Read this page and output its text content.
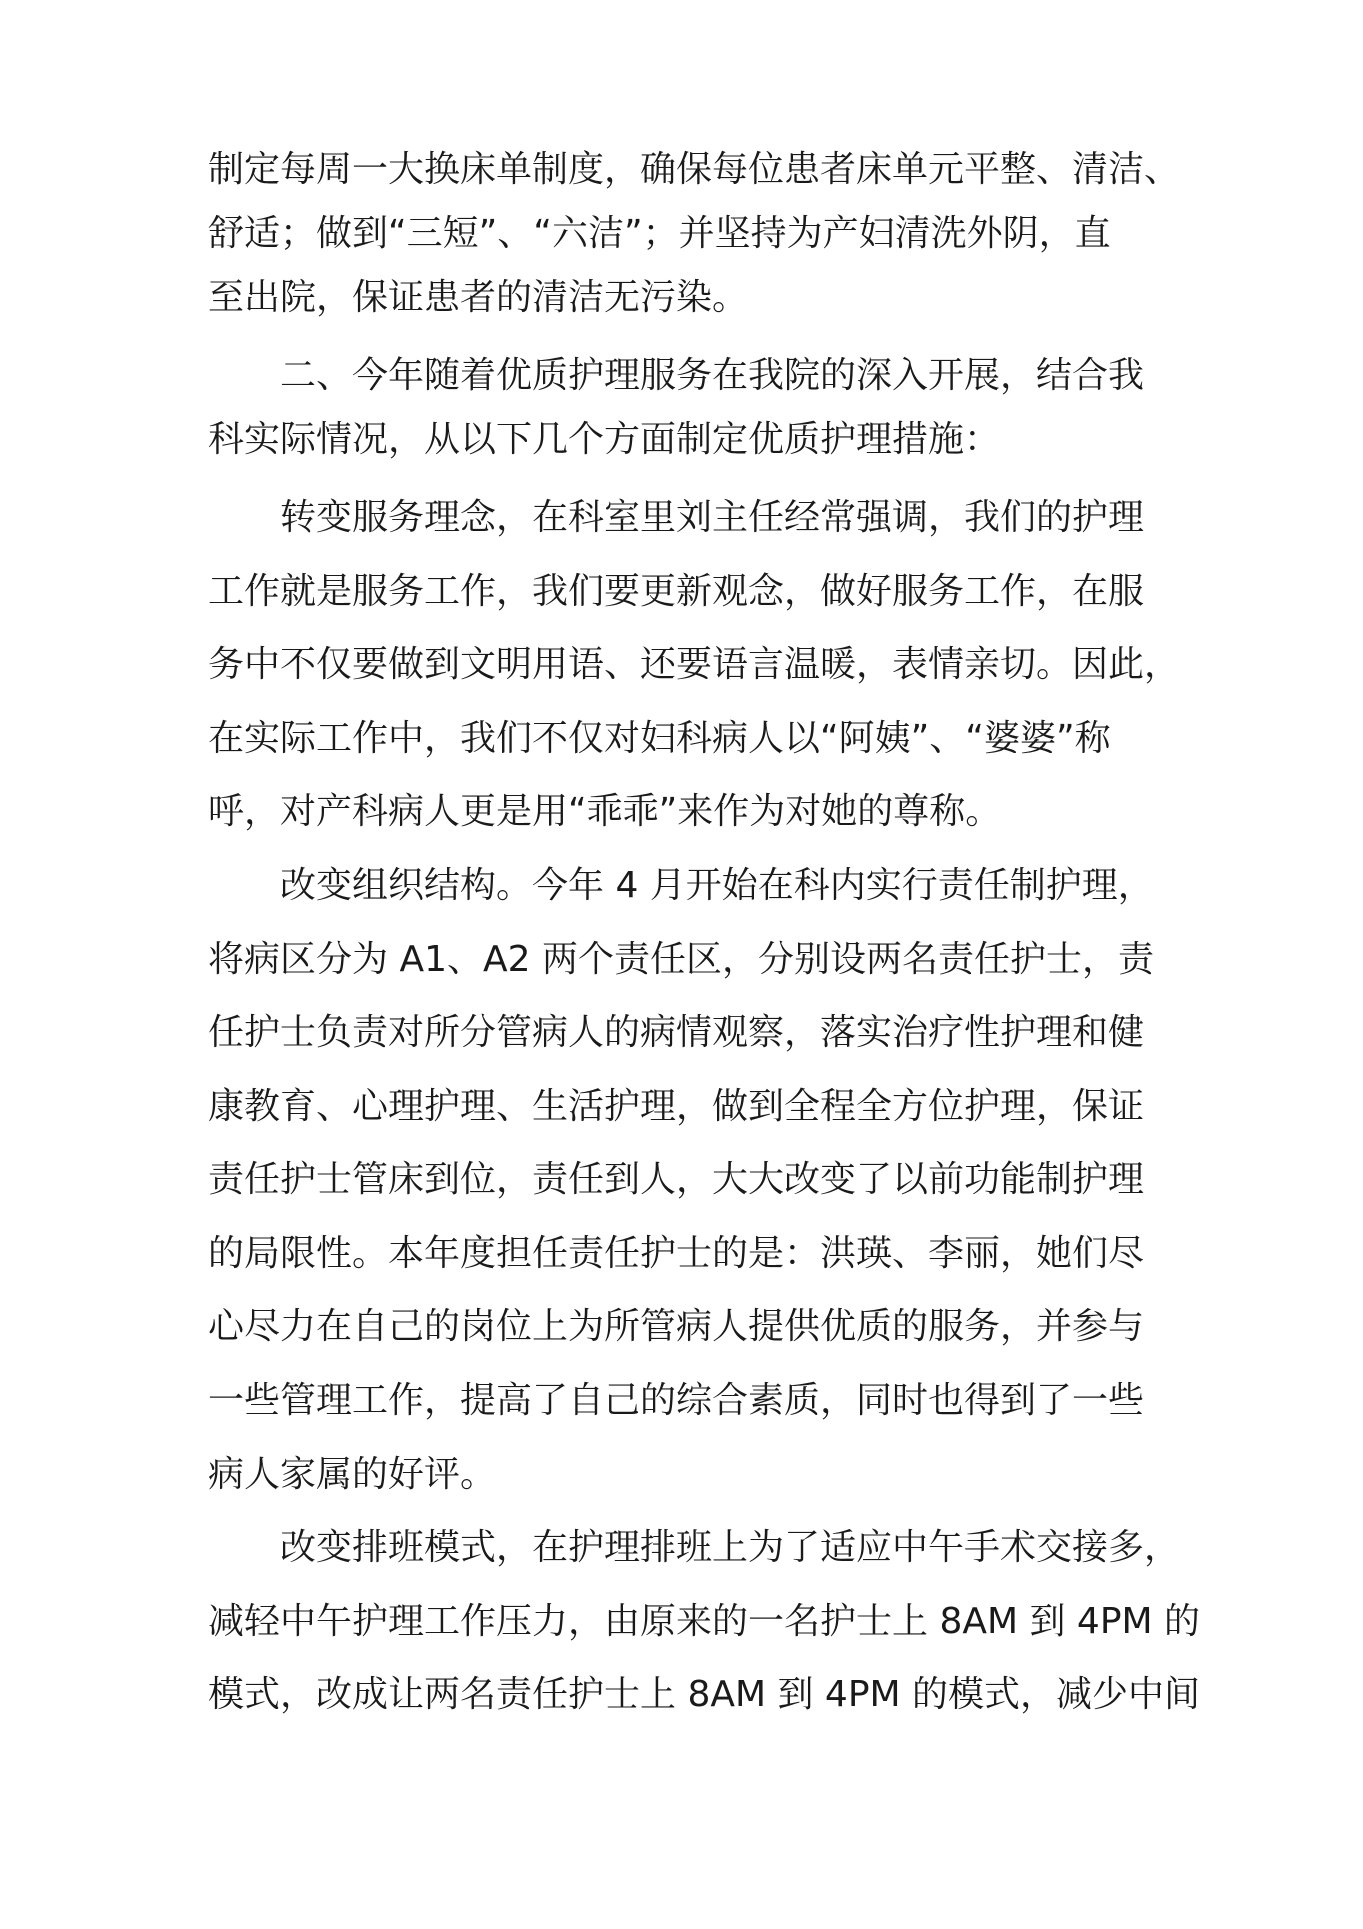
制定每周一大换床单制度，确保每位患者床单元平整、清洁、

舒适；做到“三短”、“六洁”；并坚持为产妇清洗外阴，直

至出院，保证患者的清洁无污染。

二、今年随着优质护理服务在我院的深入开展，结合我

科实际情况，从以下几个方面制定优质护理措施：

转变服务理念，在科室里刘主任经常强调，我们的护理

工作就是服务工作，我们要更新观念，做好服务工作，在服

务中不仅要做到文明用语、还要语言温暖，表情亲切。因此，

在实际工作中，我们不仅对妇科病人以“阿姨”、“婆婆”称

呼，对产科病人更是用“乖乖”来作为对她的尊称。

改变组织结构。今年 4 月开始在科内实行责任制护理，

将病区分为 A1、A2 两个责任区，分别设两名责任护士，责

任护士负责对所分管病人的病情观察，落实治疗性护理和健

康教育、心理护理、生活护理，做到全程全方位护理，保证

责任护士管床到位，责任到人，大大改变了以前功能制护理

的局限性。本年度担任责任护士的是：洪瑛、李丽，她们尽

心尽力在自己的岗位上为所管病人提供优质的服务，并参与

一些管理工作，提高了自己的综合素质，同时也得到了一些

病人家属的好评。

改变排班模式，在护理排班上为了适应中午手术交接多，

减轻中午护理工作压力，由原来的一名护士上 8AM 到 4PM 的

模式，改成让两名责任护士上 8AM 到 4PM 的模式，减少中间
